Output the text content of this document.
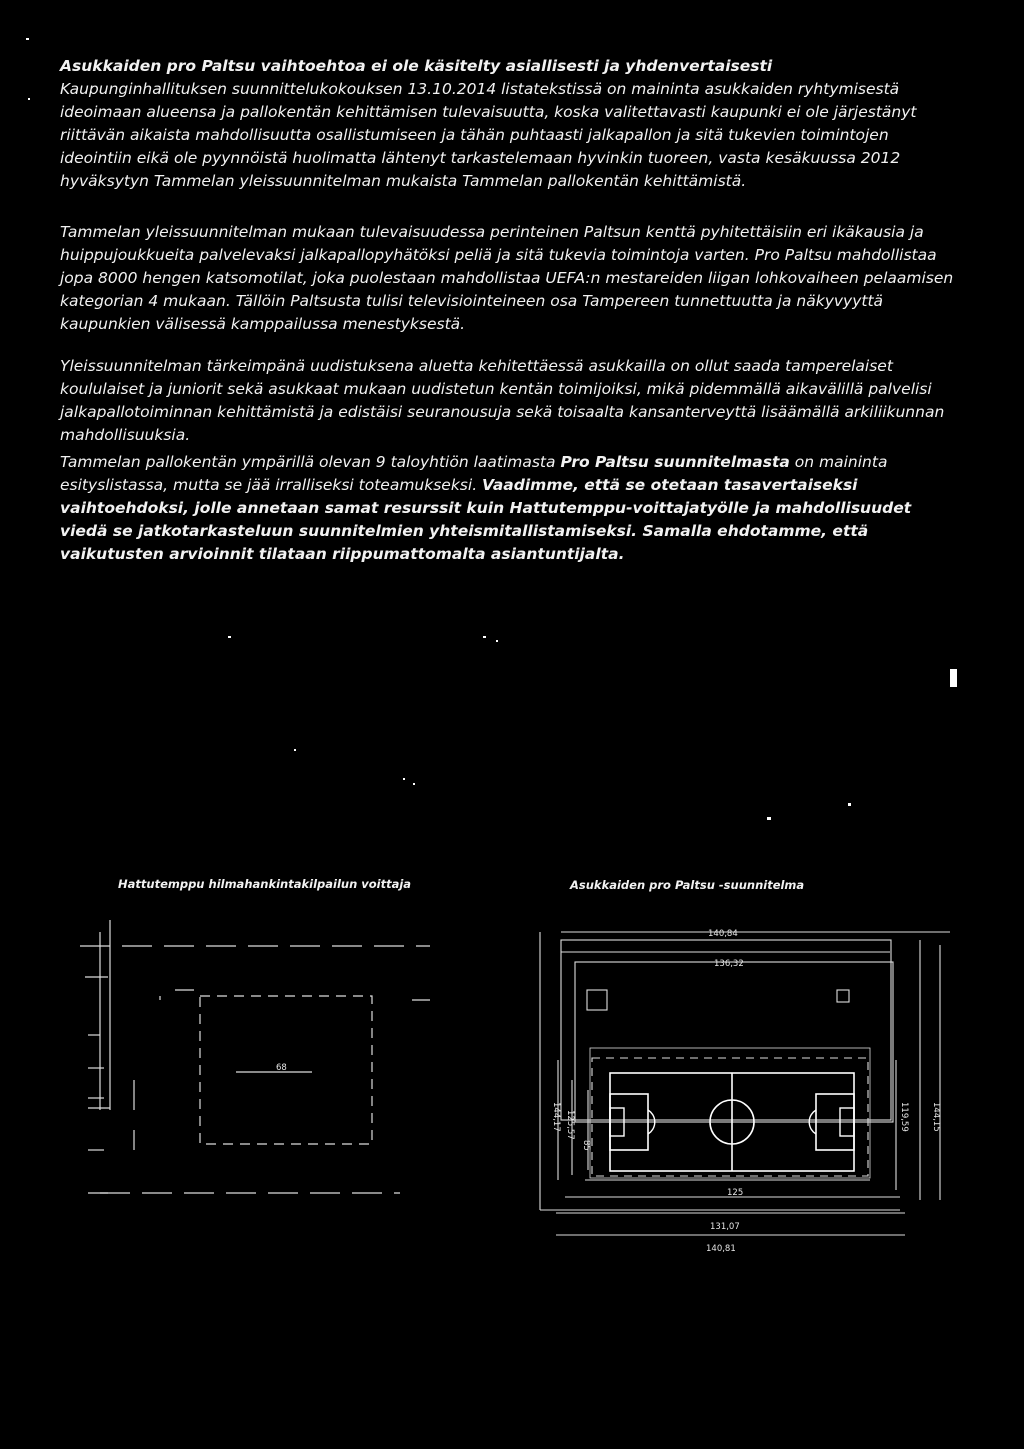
Asukkaiden pro Paltsu vaihtoehtoa ei ole käsitelty asiallisesti ja yhdenvertaisesti
Kaupunginhallituksen suunnittelukokouksen 13.10.2014 listatekstissä on maininta asukkaiden ryhtymisestä ideoimaan alueensa ja pallokentän kehittämisen tulevaisuutta, koska valitettavasti kaupunki ei ole järjestänyt riittävän aikaista mahdollisuutta osallistumiseen ja tähän puhtaasti jalkapallon ja sitä tukevien toimintojen ideointiin eikä ole pyynnöistä huolimatta lähtenyt tarkastelemaan hyvinkin tuoreen, vasta kesäkuussa 2012 hyväksytyn Tammelan yleissuunnitelman mukaista Tammelan pallokentän kehittämistä.

Tammelan yleissuunnitelman mukaan tulevaisuudessa perinteinen Paltsun kenttä pyhitettäisiin eri ikäkausia ja huippujoukkueita palvelevaksi jalkapallopyhätöksi peliä ja sitä tukevia toimintoja varten. Pro Paltsu mahdollistaa jopa 8000 hengen katsomotilat, joka puolestaan mahdollistaa UEFA:n mestareiden liigan lohkovaiheen pelaamisen kategorian 4 mukaan. Tällöin Paltsusta tulisi televisiointeineen osa Tampereen tunnettuutta ja näkyvyyttä kaupunkien välisessä kamppailussa menestyksestä.

Yleissuunnitelman tärkeimpänä uudistuksena aluetta kehitettäessä asukkailla on ollut saada tamperelaiset koululaiset ja juniorit sekä asukkaat mukaan uudistetun kentän toimijoiksi, mikä pidemmällä aikavälillä palvelisi jalkapallotoiminnan kehittämistä ja edistäisi seuranousuja sekä toisaalta kansanterveyttä lisäämällä arkiliikunnan mahdollisuuksia.

Tammelan pallokentän ympärillä olevan 9 taloyhtiön laatimasta Pro Paltsu suunnitelmasta on maininta esityslistassa, mutta se jää irralliseksi toteamukseksi. Vaadimme, että se otetaan tasavertaiseksi vaihtoehdoksi, jolle annetaan samat resurssit kuin Hattutemppu-voittajatyölle ja mahdollisuudet viedä se jatkotarkasteluun suunnitelmien yhteismitallistamiseksi. Samalla ehdotamme, että vaikutusten arvioinnit tilataan riippumattomalta asiantuntijalta.

Hattutemppu hilmahankintakilpailun voittaja	Asukkaiden pro Paltsu -suunnitelma
68
140,84
136,32
125
131,07
140,81
144,17 125,57
85
119,59	144,15
